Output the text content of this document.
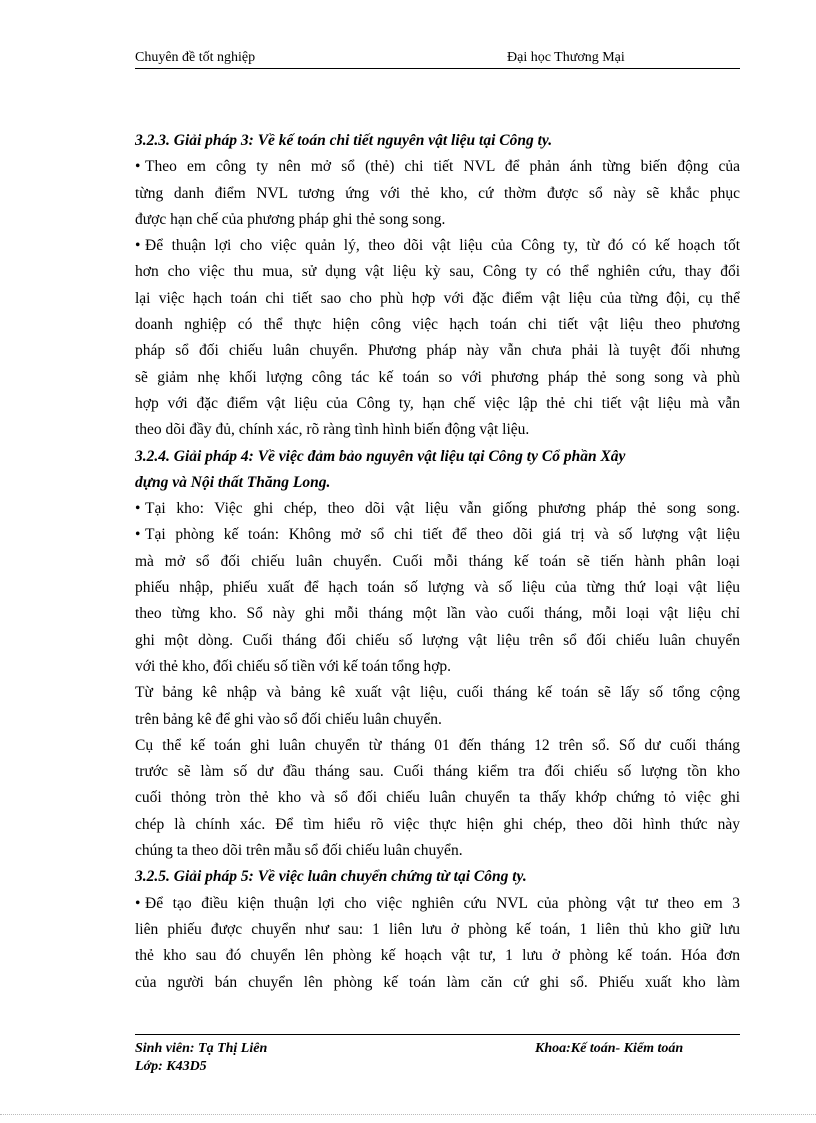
Chuyên đề tốt nghiệp	Đại học Thương Mại
3.2.3. Giải pháp 3: Về kế toán chi tiết nguyên vật liệu tại Công ty.
• Theo em công ty nên mở sổ (thẻ) chi tiết NVL để phản ánh từng biến động của
từng danh điểm NVL tương ứng với thẻ kho, cứ thờm được sổ này sẽ khắc phục
được hạn chế của phương pháp ghi thẻ song song.
• Để thuận lợi cho việc quản lý, theo dõi vật liệu của Công ty, từ đó có kế hoạch tốt
hơn cho việc thu mua, sử dụng vật liệu kỳ sau, Công ty có thể nghiên cứu, thay đổi
lại việc hạch toán chi tiết sao cho phù hợp với đặc điểm vật liệu của từng đội, cụ thể
doanh nghiệp có thể thực hiện công việc hạch toán chi tiết vật liệu theo phương
pháp sổ đối chiếu luân chuyển. Phương pháp này vẫn chưa phải là tuyệt đối nhưng
sẽ giảm nhẹ khối lượng công tác kế toán so với phương pháp thẻ song song và phù
hợp với đặc điểm vật liệu của Công ty, hạn chế việc lập thẻ chi tiết vật liệu mà vẫn
theo dõi đầy đủ, chính xác, rõ ràng tình hình biến động vật liệu.
3.2.4. Giải pháp 4: Về việc đảm bảo nguyên vật liệu tại Công ty Cổ phần Xây
dựng và Nội thất Thăng Long.
• Tại kho: Việc ghi chép, theo dõi vật liệu vẫn giống phương pháp thẻ song song.
• Tại phòng kế toán: Không mở sổ chi tiết để theo dõi giá trị và số lượng vật liệu
mà mở sổ đối chiếu luân chuyển. Cuối mỗi tháng kế toán sẽ tiến hành phân loại
phiếu nhập, phiếu xuất để hạch toán số lượng và số liệu của từng thứ loại vật liệu
theo từng kho. Sổ này ghi mỗi tháng một lần vào cuối tháng, mỗi loại vật liệu chỉ
ghi một dòng. Cuối tháng đối chiếu số lượng vật liệu trên sổ đối chiếu luân chuyển
với thẻ kho, đối chiếu số tiền với kế toán tổng hợp.
Từ bảng kê nhập và bảng kê xuất vật liệu, cuối tháng kế toán sẽ lấy số tổng cộng
trên bảng kê để ghi vào sổ đối chiếu luân chuyển.
Cụ thể kế toán ghi luân chuyển từ tháng 01 đến tháng 12 trên sổ. Số dư cuối tháng
trước sẽ làm số dư đầu tháng sau. Cuối tháng kiểm tra đối chiếu số lượng tồn kho
cuối thỏng tròn thẻ kho và sổ đối chiếu luân chuyển ta thấy khớp chứng tỏ việc ghi
chép là chính xác. Để tìm hiểu rõ việc thực hiện ghi chép, theo dõi hình thức này
chúng ta theo dõi trên mẫu sổ đối chiếu luân chuyển.
3.2.5. Giải pháp 5: Về việc luân chuyển chứng từ tại Công ty.
• Để tạo điều kiện thuận lợi cho việc nghiên cứu NVL của phòng vật tư theo em 3
liên phiếu được chuyển như sau: 1 liên lưu ở phòng kế toán, 1 liên thủ kho giữ lưu
thẻ kho sau đó chuyển lên phòng kế hoạch vật tư, 1 lưu ở phòng kế toán. Hóa đơn
của người bán chuyển lên phòng kế toán làm căn cứ ghi sổ. Phiếu xuất kho làm
Sinh viên: Tạ Thị Liên
Lớp: K43D5
Khoa:Kế toán- Kiểm toán
